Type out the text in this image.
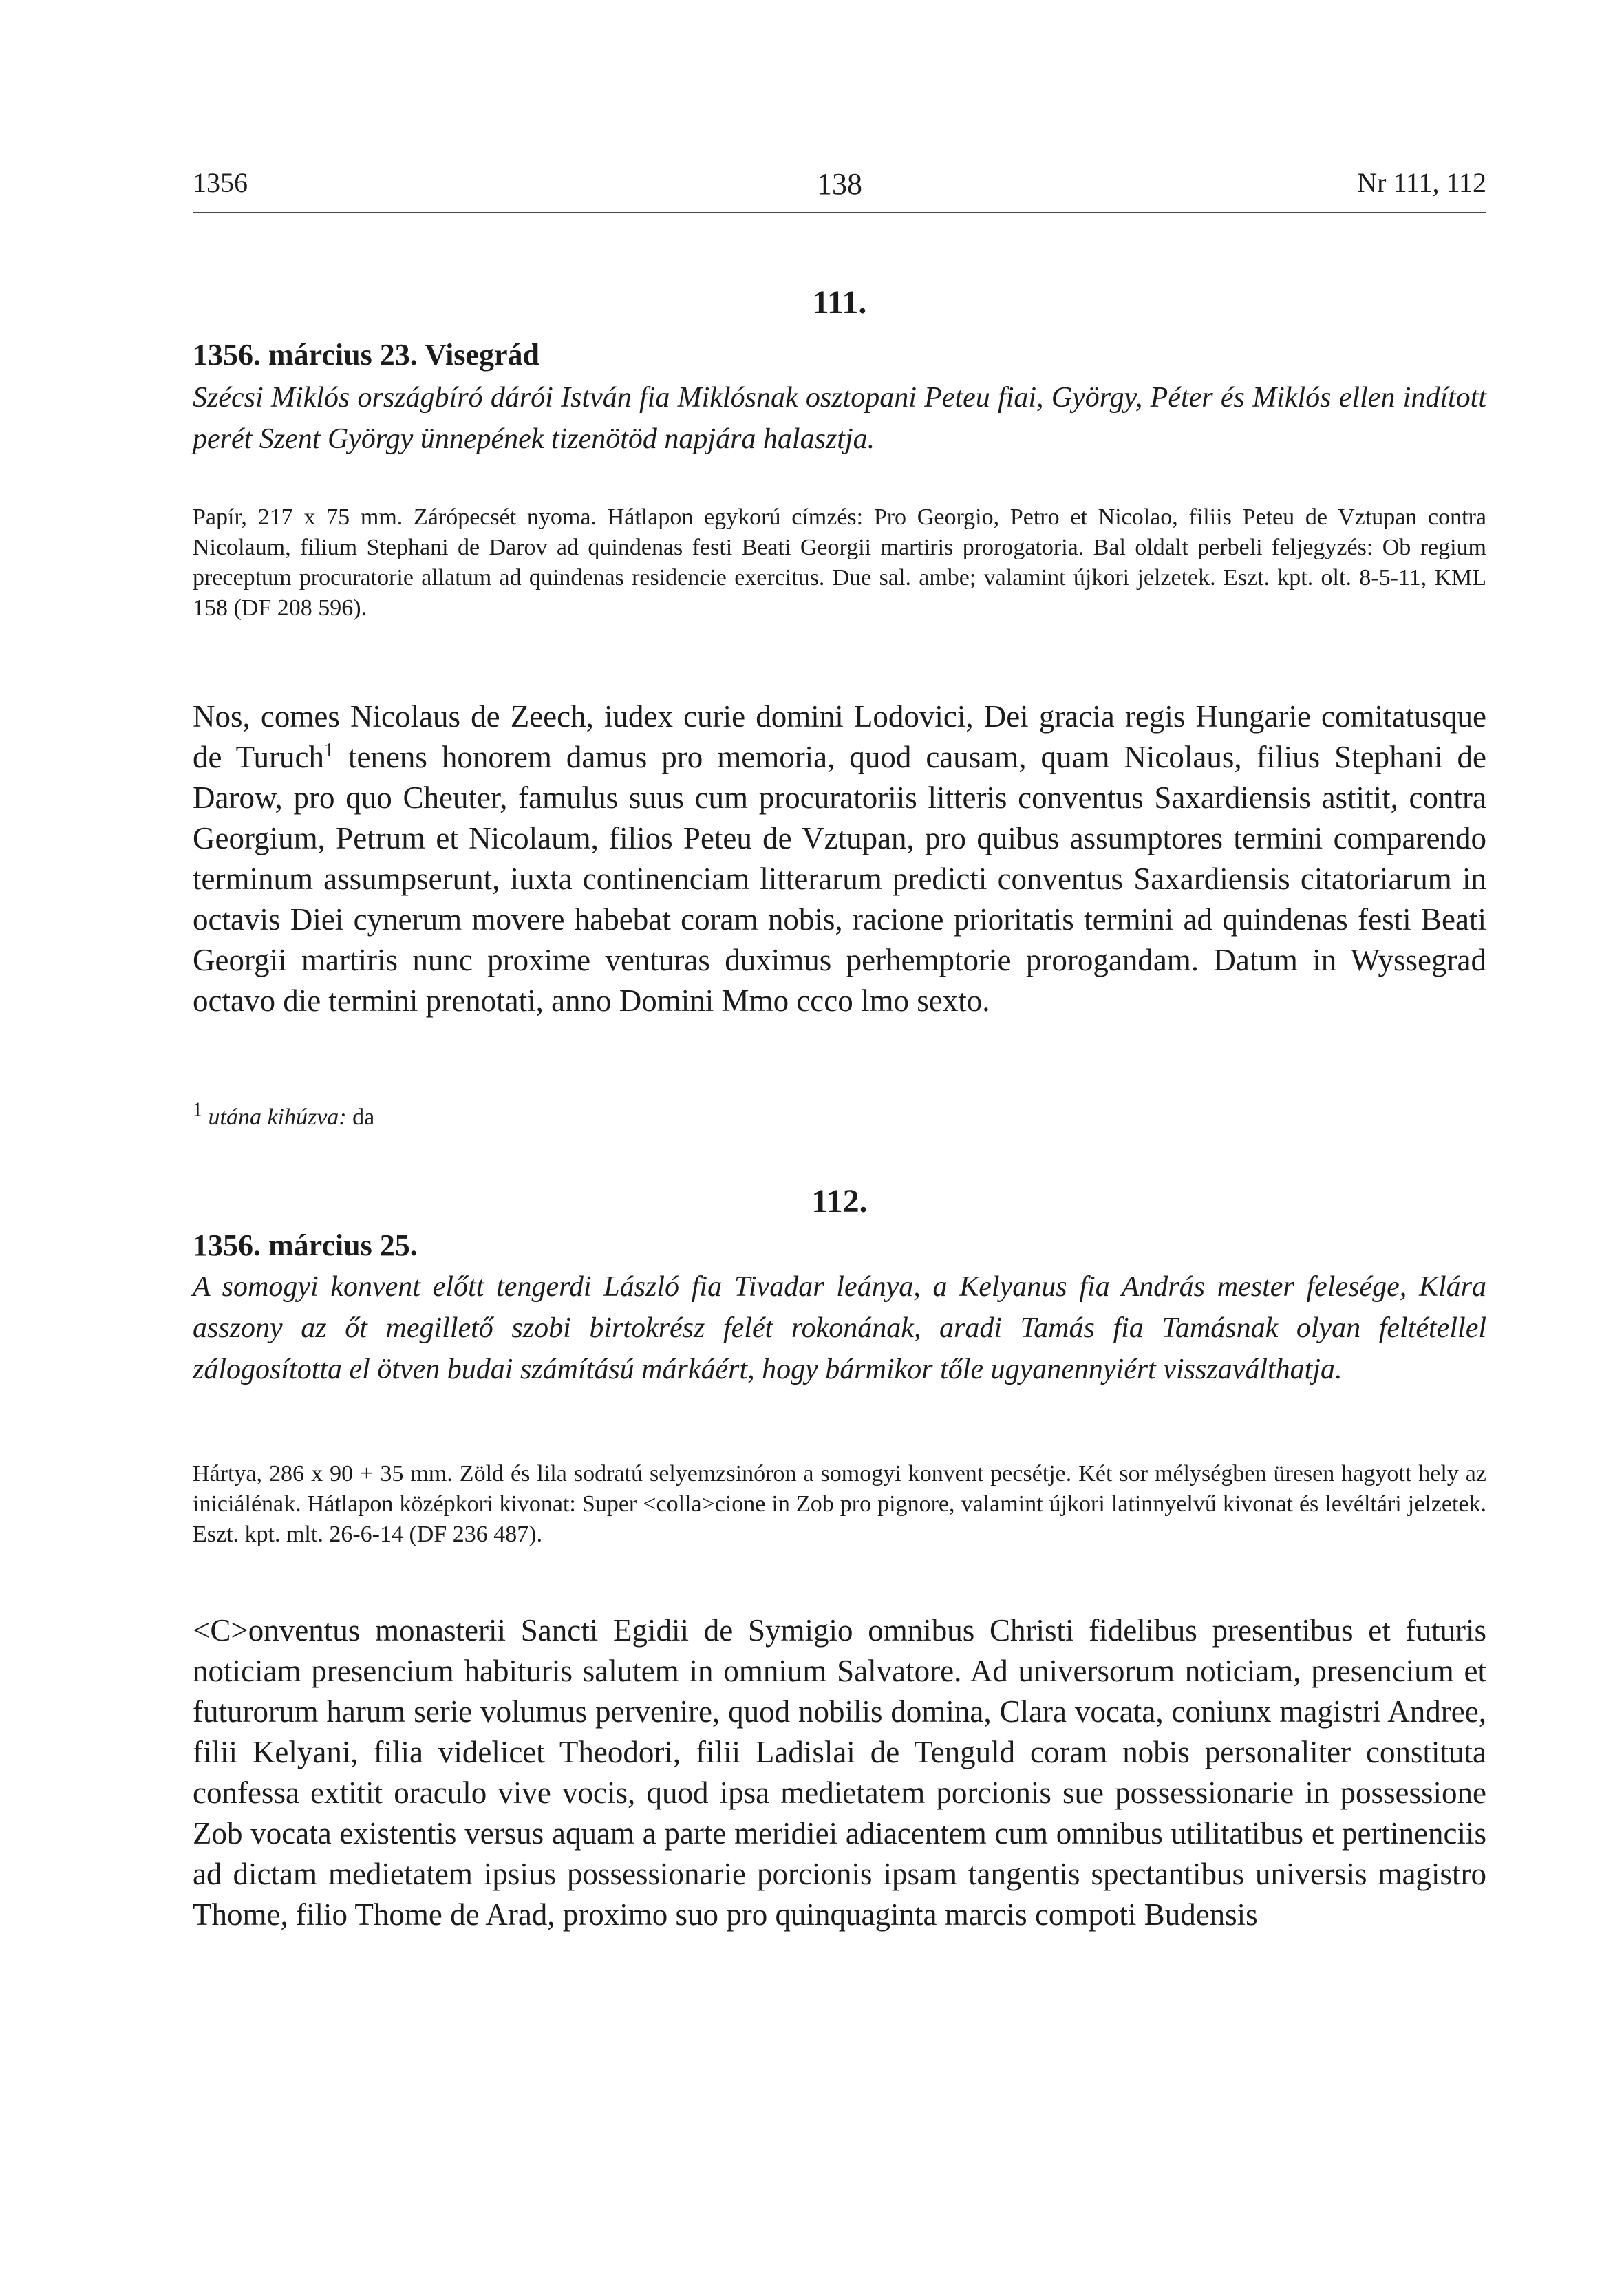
1356	138	Nr 111, 112
111.
1356. március 23. Visegrád
Szécsi Miklós országbíró dárói István fia Miklósnak osztopani Peteu fiai, György, Péter és Miklós ellen indított perét Szent György ünnepének tizenötöd napjára halasztja.
Papír, 217 x 75 mm. Zárópecsét nyoma. Hátlapon egykorú címzés: Pro Georgio, Petro et Nicolao, filiis Peteu de Vztupan contra Nicolaum, filium Stephani de Darov ad quindenas festi Beati Georgii martiris prorogatoria. Bal oldalt perbeli feljegyzés: Ob regium preceptum procuratorie allatum ad quindenas residencie exercitus. Due sal. ambe; valamint újkori jelzetek. Eszt. kpt. olt. 8-5-11, KML 158 (DF 208 596).
Nos, comes Nicolaus de Zeech, iudex curie domini Lodovici, Dei gracia regis Hungarie comitatusque de Turuch$^1$ tenens honorem damus pro memoria, quod causam, quam Nicolaus, filius Stephani de Darow, pro quo Cheuter, famulus suus cum procuratoriis litteris conventus Saxardiensis astitit, contra Georgium, Petrum et Nicolaum, filios Peteu de Vztupan, pro quibus assumptores termini comparendo terminum assumpserunt, iuxta continenciam litterarum predicti conventus Saxardiensis citatoriarum in octavis Diei cynerum movere habebat coram nobis, racione prioritatis termini ad quindenas festi Beati Georgii martiris nunc proxime venturas duximus perhemptorie prorogandam. Datum in Wyssegrad octavo die termini prenotati, anno Domini Mmo ccco lmo sexto.
$^1$ utána kihúzva: da
112.
1356. március 25.
A somogyi konvent előtt tengerdi László fia Tivadar leánya, a Kelyanus fia András mester felesége, Klára asszony az őt megillető szobi birtokrész felét rokonának, aradi Tamás fia Tamásnak olyan feltétellel zálogosította el ötven budai számítású márkáért, hogy bármikor tőle ugyanennyiért visszaválthatja.
Hártya, 286 x 90 + 35 mm. Zöld és lila sodratú selyemzsinóron a somogyi konvent pecsétje. Két sor mélységben üresen hagyott hely az iniciálénak. Hátlapon középkori kivonat: Super <colla>cione in Zob pro pignore, valamint újkori latinnyelvű kivonat és levéltári jelzetek. Eszt. kpt. mlt. 26-6-14 (DF 236 487).
<C>onventus monasterii Sancti Egidii de Symigio omnibus Christi fidelibus presentibus et futuris noticiam presencium habituris salutem in omnium Salvatore. Ad universorum noticiam, presencium et futurorum harum serie volumus pervenire, quod nobilis domina, Clara vocata, coniunx magistri Andree, filii Kelyani, filia videlicet Theodori, filii Ladislai de Tenguld coram nobis personaliter constituta confessa extitit oraculo vive vocis, quod ipsa medietatem porcionis sue possessionarie in possessione Zob vocata existentis versus aquam a parte meridiei adiacentem cum omnibus utilitatibus et pertinenciis ad dictam medietatem ipsius possessionarie porcionis ipsam tangentis spectantibus universis magistro Thome, filio Thome de Arad, proximo suo pro quinquaginta marcis compoti Budensis
